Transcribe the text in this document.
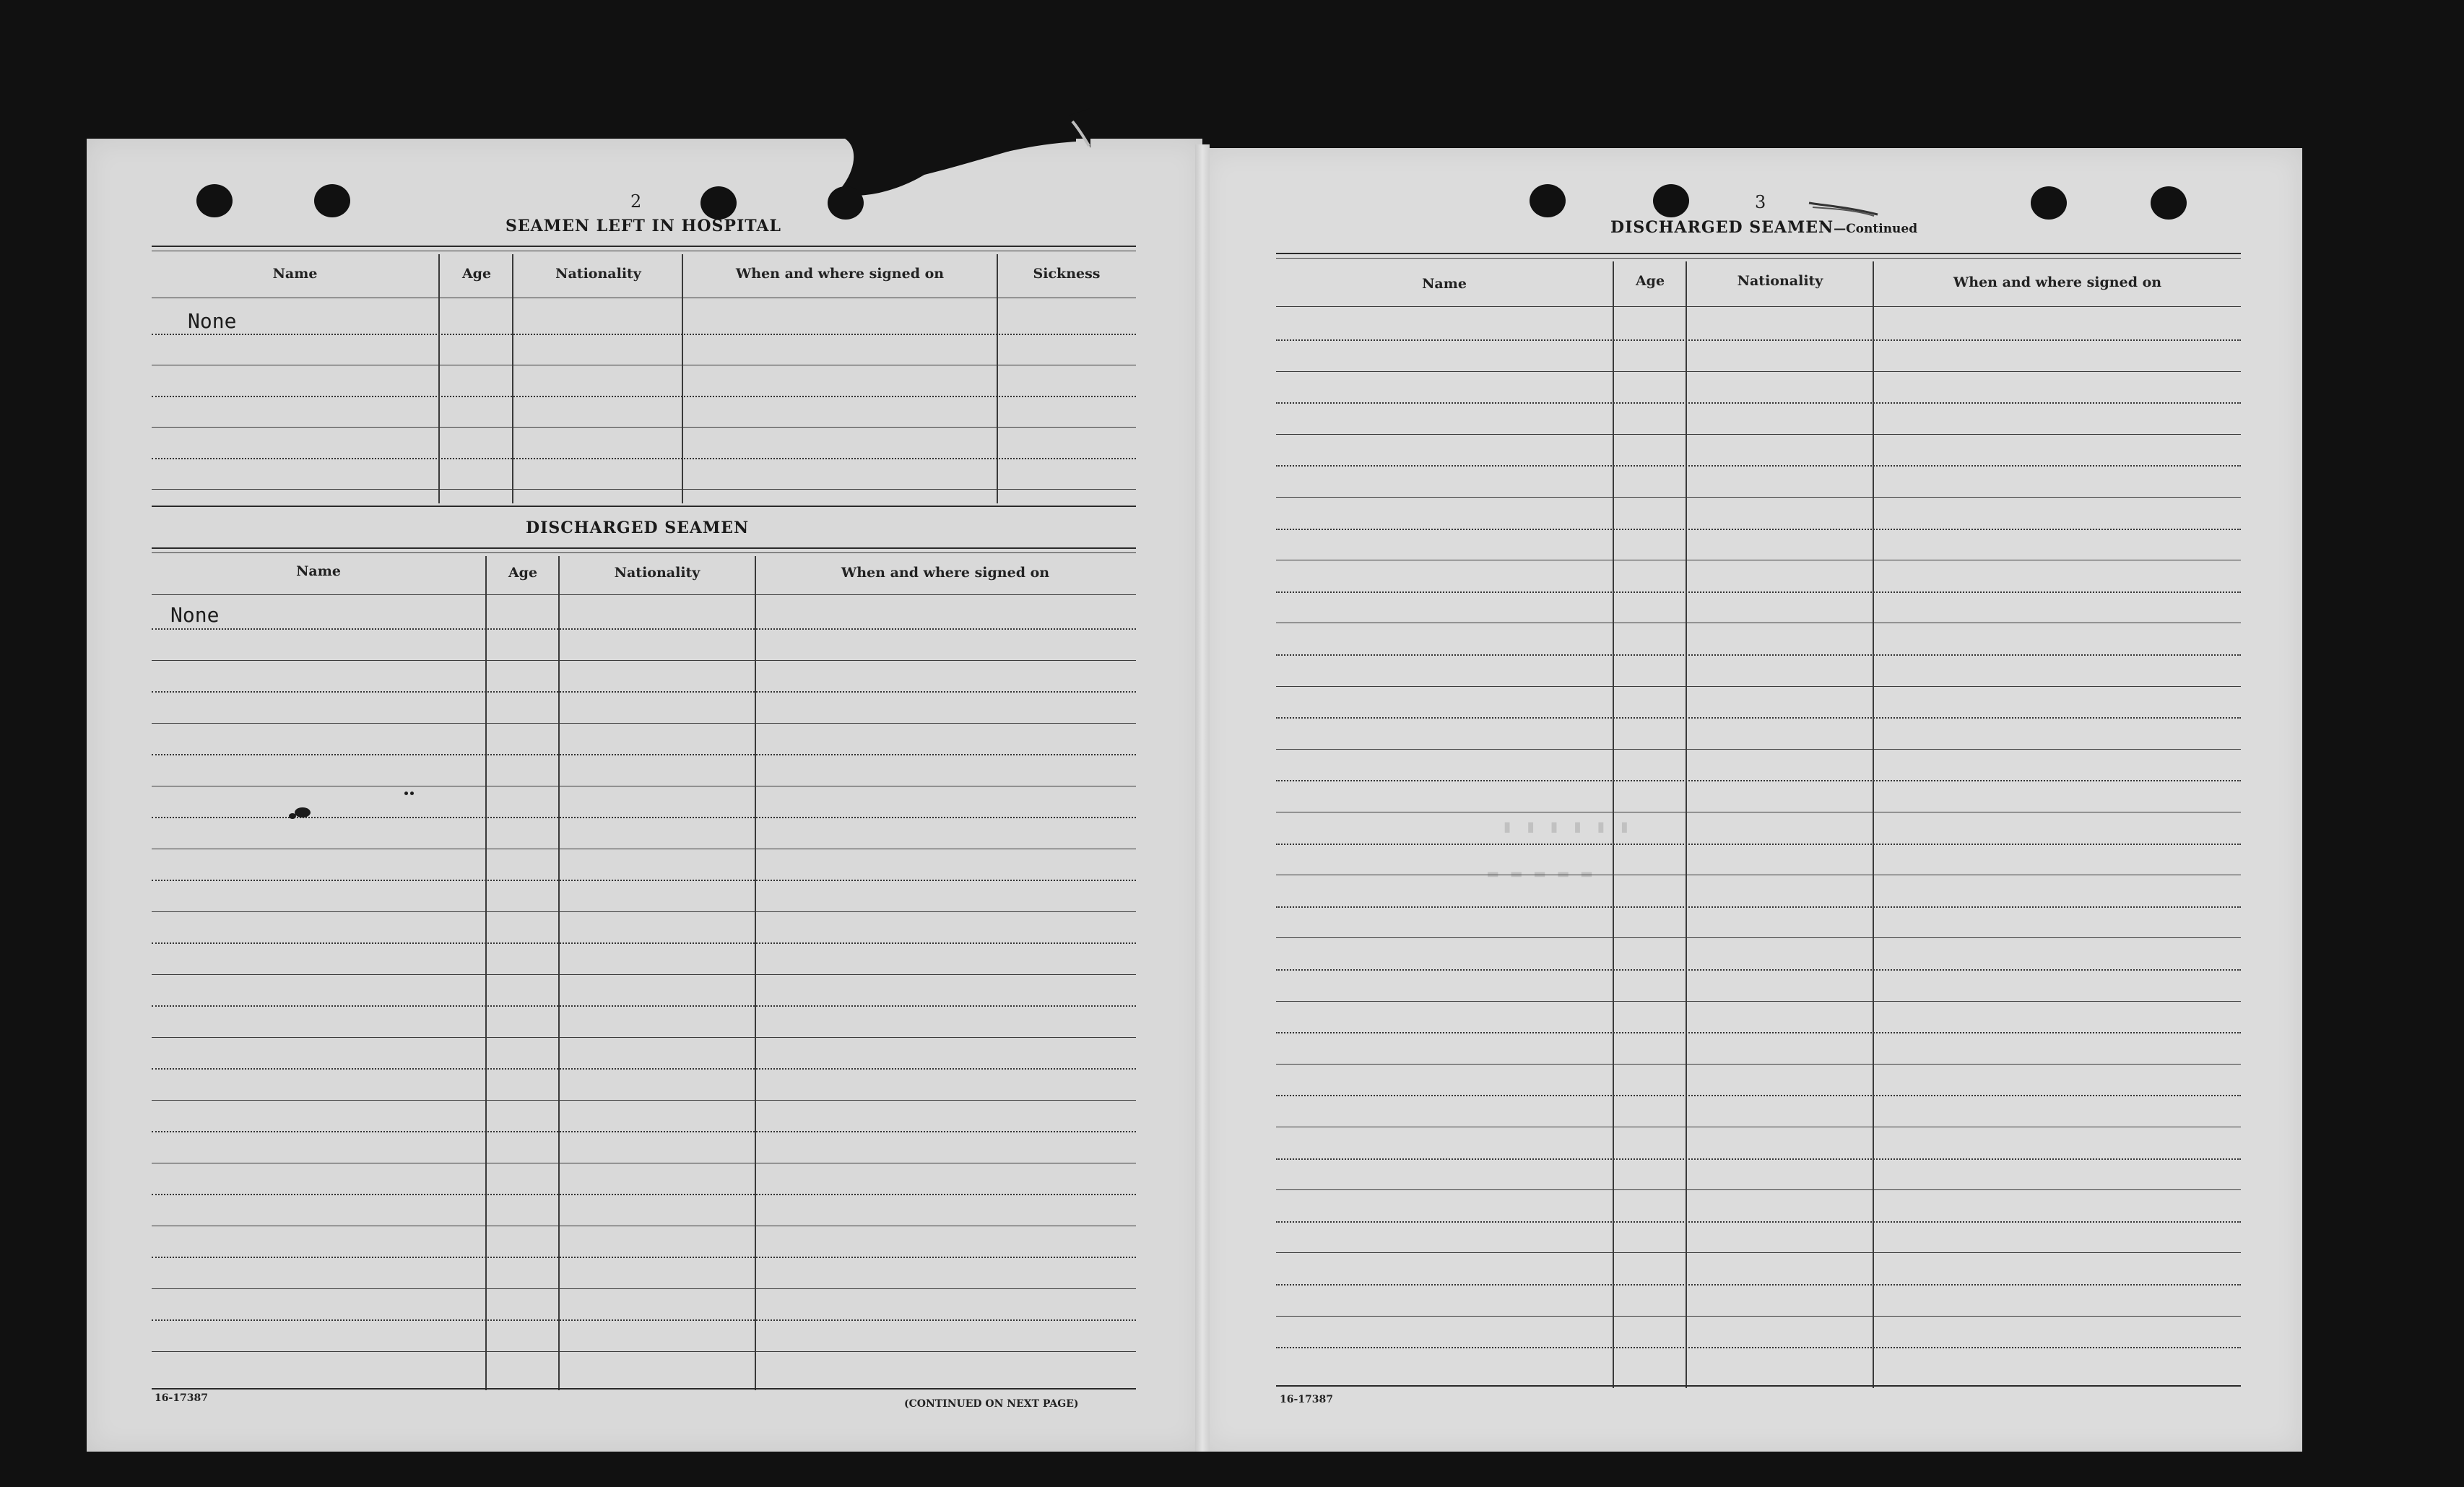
2
SEAMEN LEFT IN HOSPITAL
Name	Age	Nationality	When and where signed on	Sickness
None
DISCHARGED SEAMEN
Name	Age	Nationality	When and where signed on
None
16-17387	(CONTINUED ON NEXT PAGE)
3
DISCHARGED SEAMEN—Continued
Name	Age	Nationality	When and where signed on
▮▮▮▮▮▮
▬▬▬▬▬
16-17387
